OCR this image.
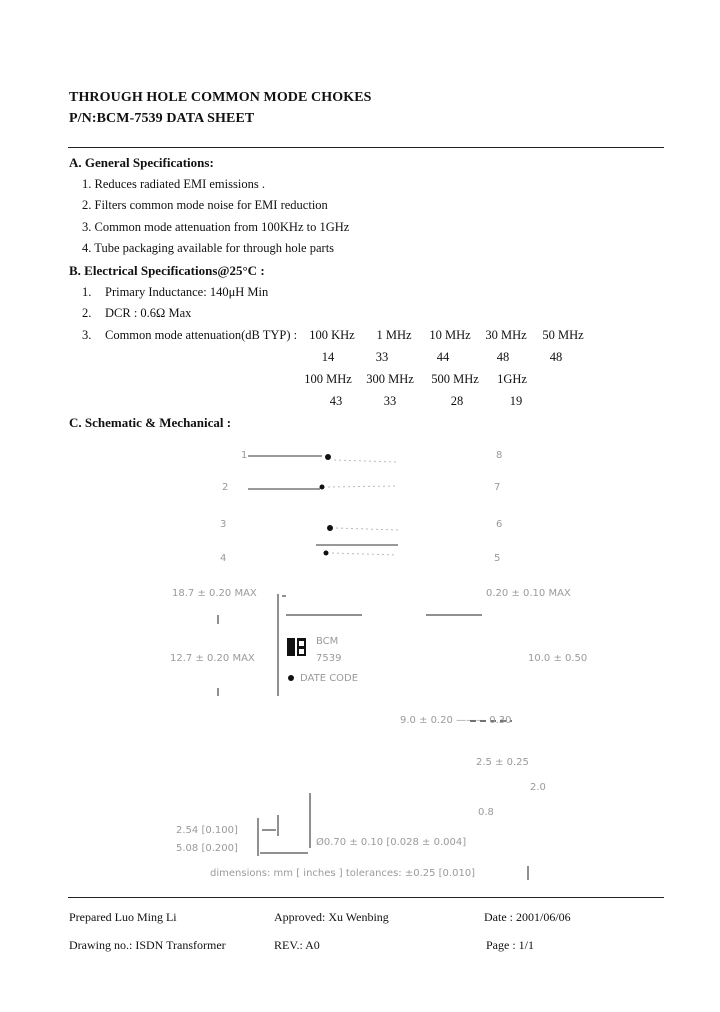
THROUGH HOLE COMMON MODE CHOKES
P/N:BCM-7539 DATA SHEET
A. General Specifications:
1. Reduces radiated EMI emissions .
2. Filters common mode noise for EMI reduction
3. Common mode attenuation from 100KHz to 1GHz
4. Tube packaging available for through hole parts
B. Electrical Specifications@25°C :
1. Primary Inductance: 140μH Min
2. DCR : 0.6Ω Max
3. Common mode attenuation(dB TYP) : 100 KHz	1 MHz	10 MHz	30 MHz	50 MHz
14	33	44	48	48
100 MHz 300 MHz 500 MHz	1GHz
43	33	28	19
C. Schematic & Mechanical :
1
2
3
4
8
7
6
5
18.7 ± 0.20 MAX	0.20 ± 0.10 MAX
12.7 ± 0.20 MAX	10.0 ± 0.50
BCM
7539
DATE CODE
9.0 ± 0.20 ——— 0.30
2.5 ± 0.25
2.0
0.8
2.54 [0.100]
5.08 [0.200]
Ø0.70 ± 0.10 [0.028 ± 0.004]
dimensions: mm [ inches ] tolerances: ±0.25 [0.010]
Prepared Luo Ming Li	Approved: Xu Wenbing	Date : 2001/06/06
Drawing no.: ISDN Transformer	REV.: A0	Page : 1/1
